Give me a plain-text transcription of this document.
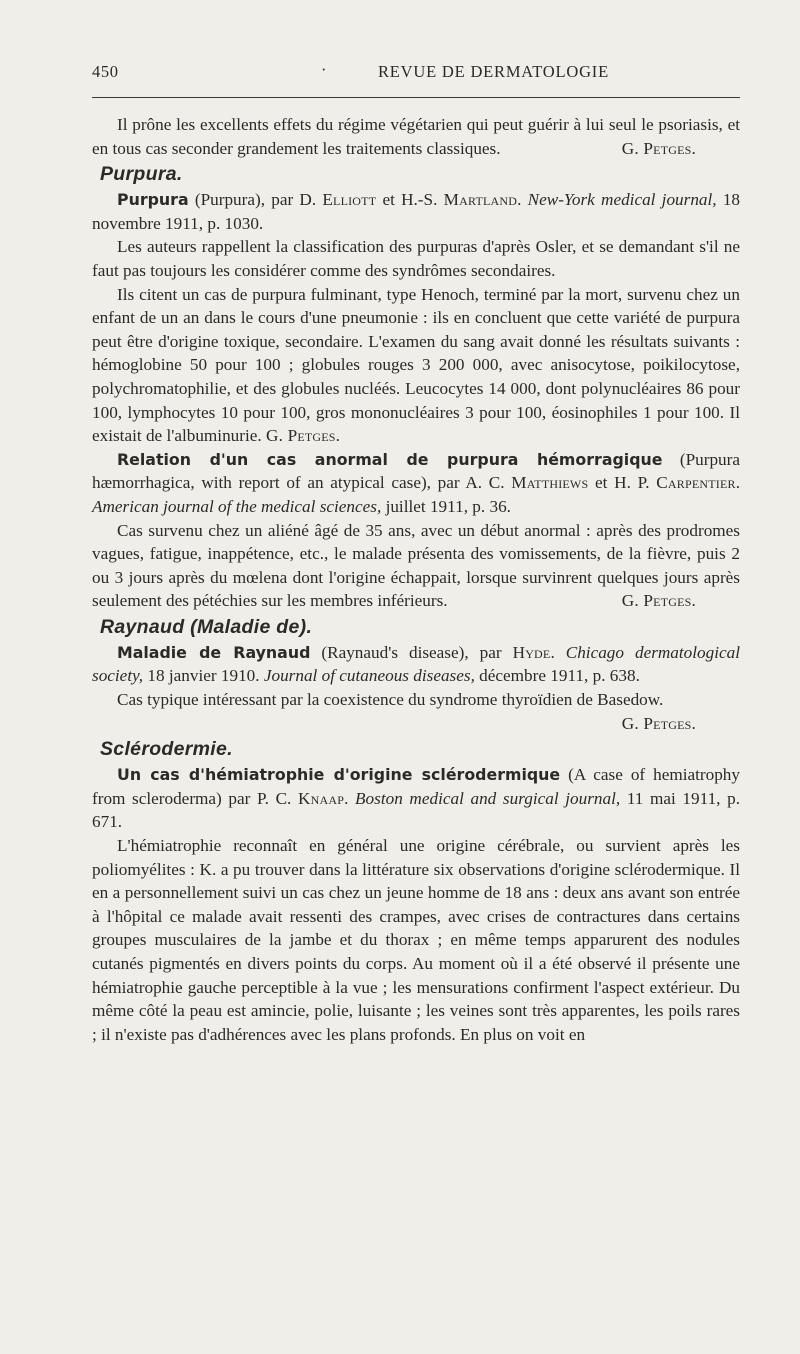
450	·	REVUE DE DERMATOLOGIE

Il prône les excellents effets du régime végétarien qui peut guérir à lui seul le psoriasis, et en tous cas seconder grandement les traitements classiques.	G. Petges.

Purpura.

Purpura (Purpura), par D. Elliott et H.-S. Martland. New-York medical journal, 18 novembre 1911, p. 1030.

Les auteurs rappellent la classification des purpuras d'après Osler, et se demandant s'il ne faut pas toujours les considérer comme des syndrômes secondaires.

Ils citent un cas de purpura fulminant, type Henoch, terminé par la mort, survenu chez un enfant de un an dans le cours d'une pneumonie : ils en concluent que cette variété de purpura peut être d'origine toxique, secondaire. L'examen du sang avait donné les résultats suivants : hémoglobine 50 pour 100 ; globules rouges 3 200 000, avec anisocytose, poikilocytose, polychromatophilie, et des globules nucléés. Leucocytes 14 000, dont polynucléaires 86 pour 100, lymphocytes 10 pour 100, gros mononucléaires 3 pour 100, éosinophiles 1 pour 100. Il existait de l'albuminurie. G. Petges.

Relation d'un cas anormal de purpura hémorragique (Purpura hæmorrhagica, with report of an atypical case), par A. C. Matthiews et H. P. Carpentier. American journal of the medical sciences, juillet 1911, p. 36.

Cas survenu chez un aliéné âgé de 35 ans, avec un début anormal : après des prodromes vagues, fatigue, inappétence, etc., le malade présenta des vomissements, de la fièvre, puis 2 ou 3 jours après du mœlena dont l'origine échappait, lorsque survinrent quelques jours après seulement des pétéchies sur les membres inférieurs.	G. Petges.

Raynaud (Maladie de).

Maladie de Raynaud (Raynaud's disease), par Hyde. Chicago dermatological society, 18 janvier 1910. Journal of cutaneous diseases, décembre 1911, p. 638.

Cas typique intéressant par la coexistence du syndrome thyroïdien de Basedow.
G. Petges.

Sclérodermie.

Un cas d'hémiatrophie d'origine sclérodermique (A case of hemiatrophy from scleroderma) par P. C. Knaap. Boston medical and surgical journal, 11 mai 1911, p. 671.

L'hémiatrophie reconnaît en général une origine cérébrale, ou survient après les poliomyélites : K. a pu trouver dans la littérature six observations d'origine sclérodermique. Il en a personnellement suivi un cas chez un jeune homme de 18 ans : deux ans avant son entrée à l'hôpital ce malade avait ressenti des crampes, avec crises de contractures dans certains groupes musculaires de la jambe et du thorax ; en même temps apparurent des nodules cutanés pigmentés en divers points du corps. Au moment où il a été observé il présente une hémiatrophie gauche perceptible à la vue ; les mensurations confirment l'aspect extérieur. Du même côté la peau est amincie, polie, luisante ; les veines sont très apparentes, les poils rares ; il n'existe pas d'adhérences avec les plans profonds. En plus on voit en
